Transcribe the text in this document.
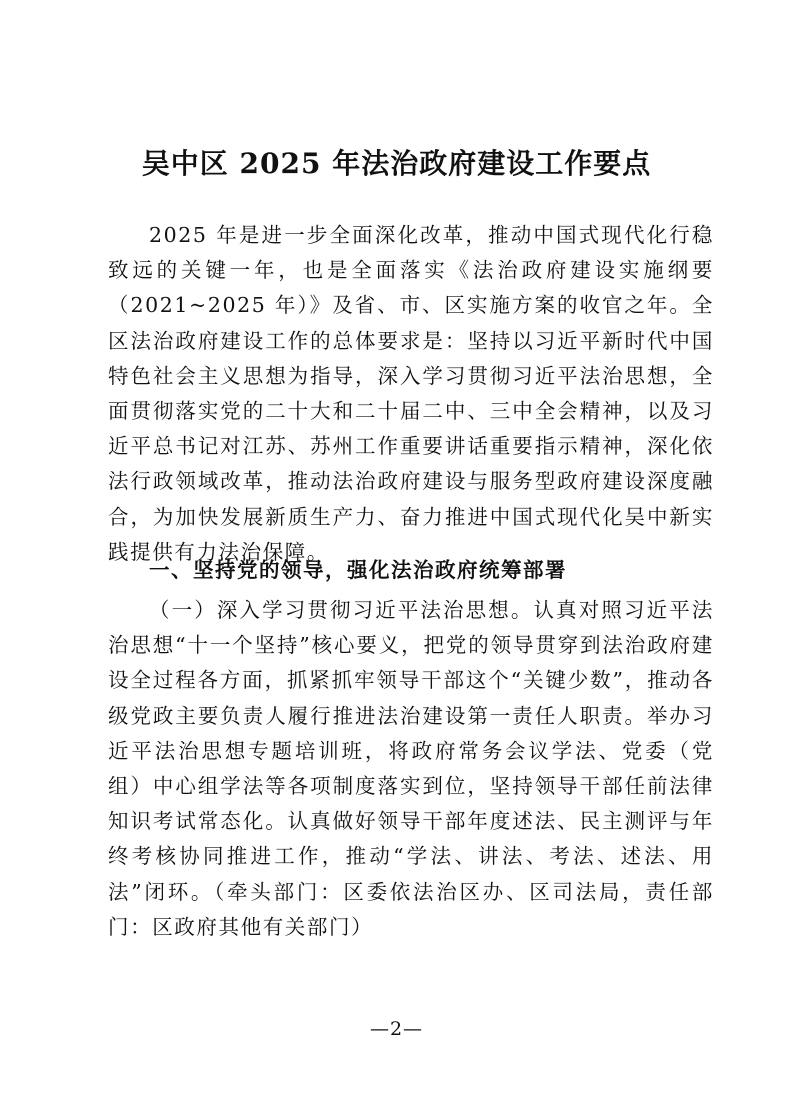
吴中区 2025 年法治政府建设工作要点

2025 年是进一步全面深化改革，推动中国式现代化行稳致远的关键一年，也是全面落实《法治政府建设实施纲要（2021~2025 年）》及省、市、区实施方案的收官之年。全区法治政府建设工作的总体要求是：坚持以习近平新时代中国特色社会主义思想为指导，深入学习贯彻习近平法治思想，全面贯彻落实党的二十大和二十届二中、三中全会精神，以及习近平总书记对江苏、苏州工作重要讲话重要指示精神，深化依法行政领域改革，推动法治政府建设与服务型政府建设深度融合，为加快发展新质生产力、奋力推进中国式现代化吴中新实践提供有力法治保障。

一、坚持党的领导，强化法治政府统筹部署

（一）深入学习贯彻习近平法治思想。认真对照习近平法治思想“十一个坚持”核心要义，把党的领导贯穿到法治政府建设全过程各方面，抓紧抓牢领导干部这个“关键少数”，推动各级党政主要负责人履行推进法治建设第一责任人职责。举办习近平法治思想专题培训班，将政府常务会议学法、党委（党组）中心组学法等各项制度落实到位，坚持领导干部任前法律知识考试常态化。认真做好领导干部年度述法、民主测评与年终考核协同推进工作，推动“学法、讲法、考法、述法、用法”闭环。（牵头部门：区委依法治区办、区司法局，责任部门：区政府其他有关部门）

—2—
